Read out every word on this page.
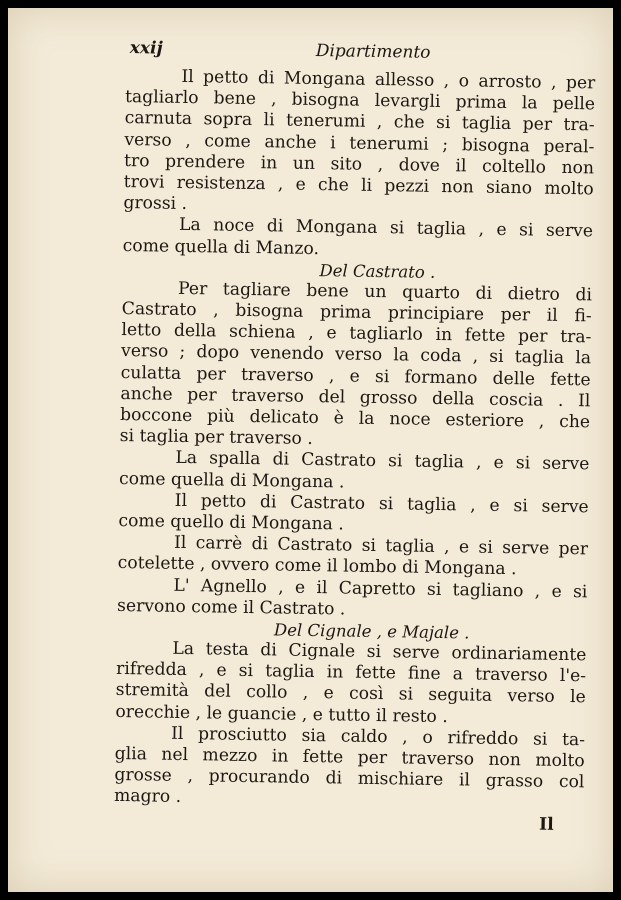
xxij	Dipartimento
Il petto di Mongana allesso , o arrosto , per
tagliarlo bene , bisogna levargli prima la pelle
carnuta sopra li tenerumi , che si taglia per tra-
verso , come anche i tenerumi ; bisogna peral-
tro prendere in un sito , dove il coltello non
trovi resistenza , e che li pezzi non siano molto
grossi .
La noce di Mongana si taglia , e si serve
come quella di Manzo.
Del Castrato .
Per tagliare bene un quarto di dietro di
Castrato , bisogna prima principiare per il fi-
letto della schiena , e tagliarlo in fette per tra-
verso ; dopo venendo verso la coda , si taglia la
culatta per traverso , e si formano delle fette
anche per traverso del grosso della coscia . Il
boccone più delicato è la noce esteriore , che
si taglia per traverso .
La spalla di Castrato si taglia , e si serve
come quella di Mongana .
Il petto di Castrato si taglia , e si serve
come quello di Mongana .
Il carrè di Castrato si taglia , e si serve per
cotelette , ovvero come il lombo di Mongana .
L' Agnello , e il Capretto si tagliano , e si
servono come il Castrato .
Del Cignale , e Majale .
La testa di Cignale si serve ordinariamente
rifredda , e si taglia in fette fine a traverso l'e-
stremità del collo , e così si seguita verso le
orecchie , le guancie , e tutto il resto .
Il prosciutto sia caldo , o rifreddo si ta-
glia nel mezzo in fette per traverso non molto
grosse , procurando di mischiare il grasso col
magro .
Il
